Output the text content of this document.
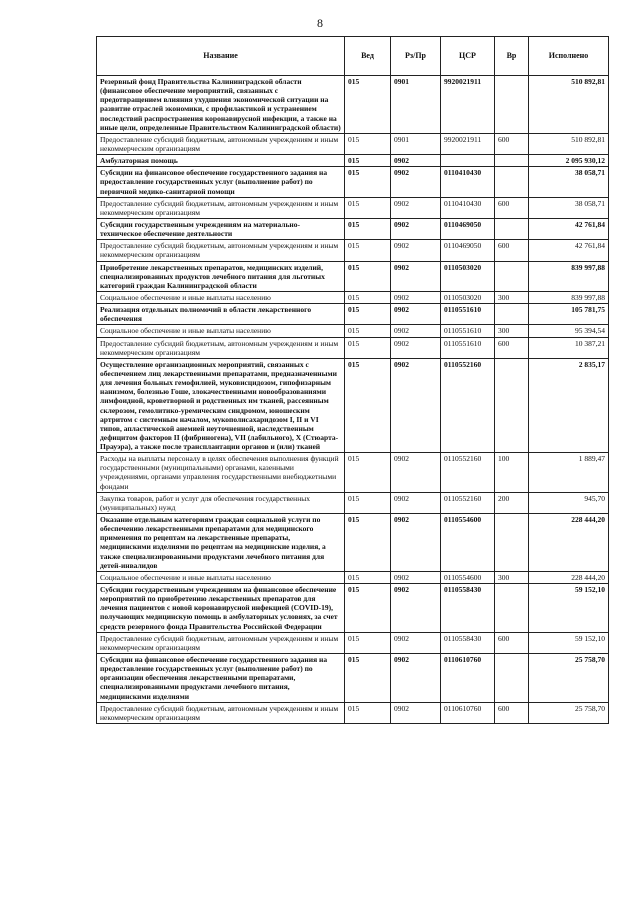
8
Название	Вед	Рз/Пр	ЦСР	Вр	Исполнено
Резервный фонд Правительства Калининградской области (финансовое обеспечение мероприятий, связанных с предотвращением влияния ухудшения экономической ситуации на развитие отраслей экономики, с профилактикой и устранением последствий распространения коронавирусной инфекции, а также на иные цели, определенные Правительством Калининградской области)	015	0901	9920021911		510 892,81
Предоставление субсидий бюджетным, автономным учреждениям и иным некоммерческим организациям	015	0901	9920021911	600	510 892,81
Амбулаторная помощь	015	0902			2 095 930,12
Субсидии на финансовое обеспечение государственного задания на предоставление государственных услуг (выполнение работ) по первичной медико-санитарной помощи	015	0902	0110410430		38 058,71
Предоставление субсидий бюджетным, автономным учреждениям и иным некоммерческим организациям	015	0902	0110410430	600	38 058,71
Субсидии государственным учреждениям на материально-техническое обеспечение деятельности	015	0902	0110469050		42 761,84
Предоставление субсидий бюджетным, автономным учреждениям и иным некоммерческим организациям	015	0902	0110469050	600	42 761,84
Приобретение лекарственных препаратов, медицинских изделий, специализированных продуктов лечебного питания для льготных категорий граждан Калининградской области	015	0902	0110503020		839 997,88
Социальное обеспечение и иные выплаты населению	015	0902	0110503020	300	839 997,88
Реализация отдельных полномочий в области лекарственного обеспечения	015	0902	0110551610		105 781,75
Социальное обеспечение и иные выплаты населению	015	0902	0110551610	300	95 394,54
Предоставление субсидий бюджетным, автономным учреждениям и иным некоммерческим организациям	015	0902	0110551610	600	10 387,21
Осуществление организационных мероприятий, связанных с обеспечением лиц лекарственными препаратами, предназначенными для лечения больных гемофилией, муковисцидозом, гипофизарным нанизмом, болезнью Гоше, злокачественными новообразованиями лимфоидной, кроветворной и родственных им тканей, рассеянным склерозом, гемолитико-уремическим синдромом, юношеским артритом с системным началом, мукополисахаридозом I, II и VI типов, апластической анемией неуточненной, наследственным дефицитом факторов II (фибриногена), VII (лабильного), X (Стюарта-Прауэра), а также после трансплантации органов и (или) тканей	015	0902	0110552160		2 835,17
Расходы на выплаты персоналу в целях обеспечения выполнения функций государственными (муниципальными) органами, казенными учреждениями, органами управления государственными внебюджетными фондами	015	0902	0110552160	100	1 889,47
Закупка товаров, работ и услуг для обеспечения государственных (муниципальных) нужд	015	0902	0110552160	200	945,70
Оказание отдельным категориям граждан социальной услуги по обеспечению лекарственными препаратами для медицинского применения по рецептам на лекарственные препараты, медицинскими изделиями по рецептам на медицинские изделия, а также специализированными продуктами лечебного питания для детей-инвалидов	015	0902	0110554600		228 444,20
Социальное обеспечение и иные выплаты населению	015	0902	0110554600	300	228 444,20
Субсидии государственным учреждениям на финансовое обеспечение мероприятий по приобретению лекарственных препаратов для лечения пациентов с новой коронавирусной инфекцией (COVID-19), получающих медицинскую помощь в амбулаторных условиях, за счет средств резервного фонда Правительства Российской Федерации	015	0902	0110558430		59 152,10
Предоставление субсидий бюджетным, автономным учреждениям и иным некоммерческим организациям	015	0902	0110558430	600	59 152,10
Субсидии на финансовое обеспечение государственного задания на предоставление государственных услуг (выполнение работ) по организации обеспечения лекарственными препаратами, специализированными продуктами лечебного питания, медицинскими изделиями	015	0902	0110610760		25 758,70
Предоставление субсидий бюджетным, автономным учреждениям и иным некоммерческим организациям	015	0902	0110610760	600	25 758,70
